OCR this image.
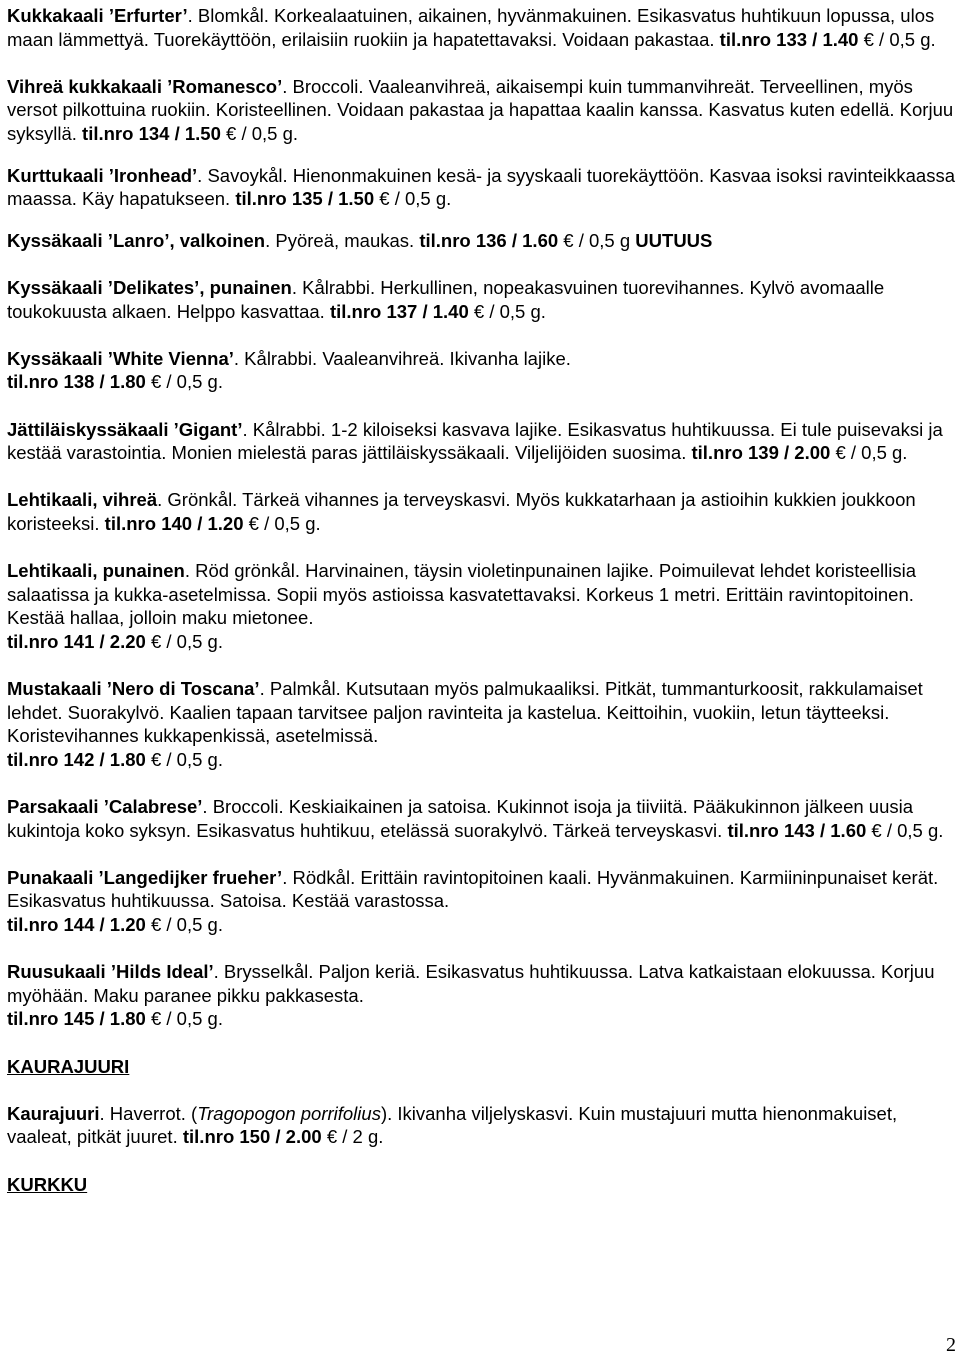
Kukkakaali ’Erfurter’. Blomkål. Korkealaatuinen, aikainen, hyvänmakuinen. Esikasvatus huhtikuun lopussa, ulos maan lämmettyä. Tuorekäyttöön, erilaisiin ruokiin ja hapatettavaksi. Voidaan pakastaa. til.nro 133 / 1.40 € / 0,5 g.

Vihreä kukkakaali ’Romanesco’. Broccoli. Vaaleanvihreä, aikaisempi kuin tummanvihreät. Terveellinen, myös versot pilkottuina ruokiin. Koristeellinen. Voidaan pakastaa ja hapattaa kaalin kanssa. Kasvatus kuten edellä. Korjuu syksyllä. til.nro 134 / 1.50 € / 0,5 g.

Kurttukaali ’Ironhead’. Savoykål. Hienonmakuinen kesä- ja syyskaali tuorekäyttöön. Kasvaa isoksi ravinteikkaassa maassa. Käy hapatukseen. til.nro 135 / 1.50 € / 0,5 g.

Kyssäkaali ’Lanro’, valkoinen. Pyöreä, maukas. til.nro 136 / 1.60 € / 0,5 g UUTUUS

Kyssäkaali ’Delikates’, punainen. Kålrabbi. Herkullinen, nopeakasvuinen tuorevihannes. Kylvö avomaalle toukokuusta alkaen. Helppo kasvattaa. til.nro 137 / 1.40 € / 0,5 g.

Kyssäkaali ’White Vienna’. Kålrabbi. Vaaleanvihreä. Ikivanha lajike.
til.nro 138 / 1.80 € / 0,5 g.

Jättiläiskyssäkaali ’Gigant’. Kålrabbi. 1-2 kiloiseksi kasvava lajike. Esikasvatus huhtikuussa. Ei tule puisevaksi ja kestää varastointia. Monien mielestä paras jättiläiskyssäkaali. Viljelijöiden suosima. til.nro 139 / 2.00 € / 0,5 g.

Lehtikaali, vihreä. Grönkål. Tärkeä vihannes ja terveyskasvi. Myös kukkatarhaan ja astioihin kukkien joukkoon koristeeksi. til.nro 140 / 1.20 € / 0,5 g.

Lehtikaali, punainen. Röd grönkål. Harvinainen, täysin violetinpunainen lajike. Poimuilevat lehdet koristeellisia salaatissa ja kukka-asetelmissa. Sopii myös astioissa kasvatettavaksi. Korkeus 1 metri. Erittäin ravintopitoinen. Kestää hallaa, jolloin maku mietonee.
til.nro 141 / 2.20 € / 0,5 g.

Mustakaali ’Nero di Toscana’. Palmkål. Kutsutaan myös palmukaaliksi. Pitkät, tummanturkoosit, rakkulamaiset lehdet. Suorakylvö. Kaalien tapaan tarvitsee paljon ravinteita ja kastelua. Keittoihin, vuokiin, letun täytteeksi. Koristevihannes kukkapenkissä, asetelmissä.
til.nro 142 / 1.80 € / 0,5 g.

Parsakaali ’Calabrese’. Broccoli. Keskiaikainen ja satoisa. Kukinnot isoja ja tiiviitä. Pääkukinnon jälkeen uusia kukintoja koko syksyn. Esikasvatus huhtikuu, etelässä suorakylvö. Tärkeä terveyskasvi. til.nro 143 / 1.60 € / 0,5 g.

Punakaali ’Langedijker frueher’. Rödkål. Erittäin ravintopitoinen kaali. Hyvänmakuinen. Karmiininpunaiset kerät. Esikasvatus huhtikuussa. Satoisa. Kestää varastossa.
til.nro 144 / 1.20 € / 0,5 g.

Ruusukaali ’Hilds Ideal’. Brysselkål. Paljon keriä. Esikasvatus huhtikuussa. Latva katkaistaan elokuussa. Korjuu myöhään. Maku paranee pikku pakkasesta.
til.nro 145 / 1.80 € / 0,5 g.

KAURAJUURI

Kaurajuuri. Haverrot. (Tragopogon porrifolius). Ikivanha viljelyskasvi. Kuin mustajuuri mutta hienonmakuiset, vaaleat, pitkät juuret. til.nro 150 / 2.00 € / 2 g.

KURKKU

2
